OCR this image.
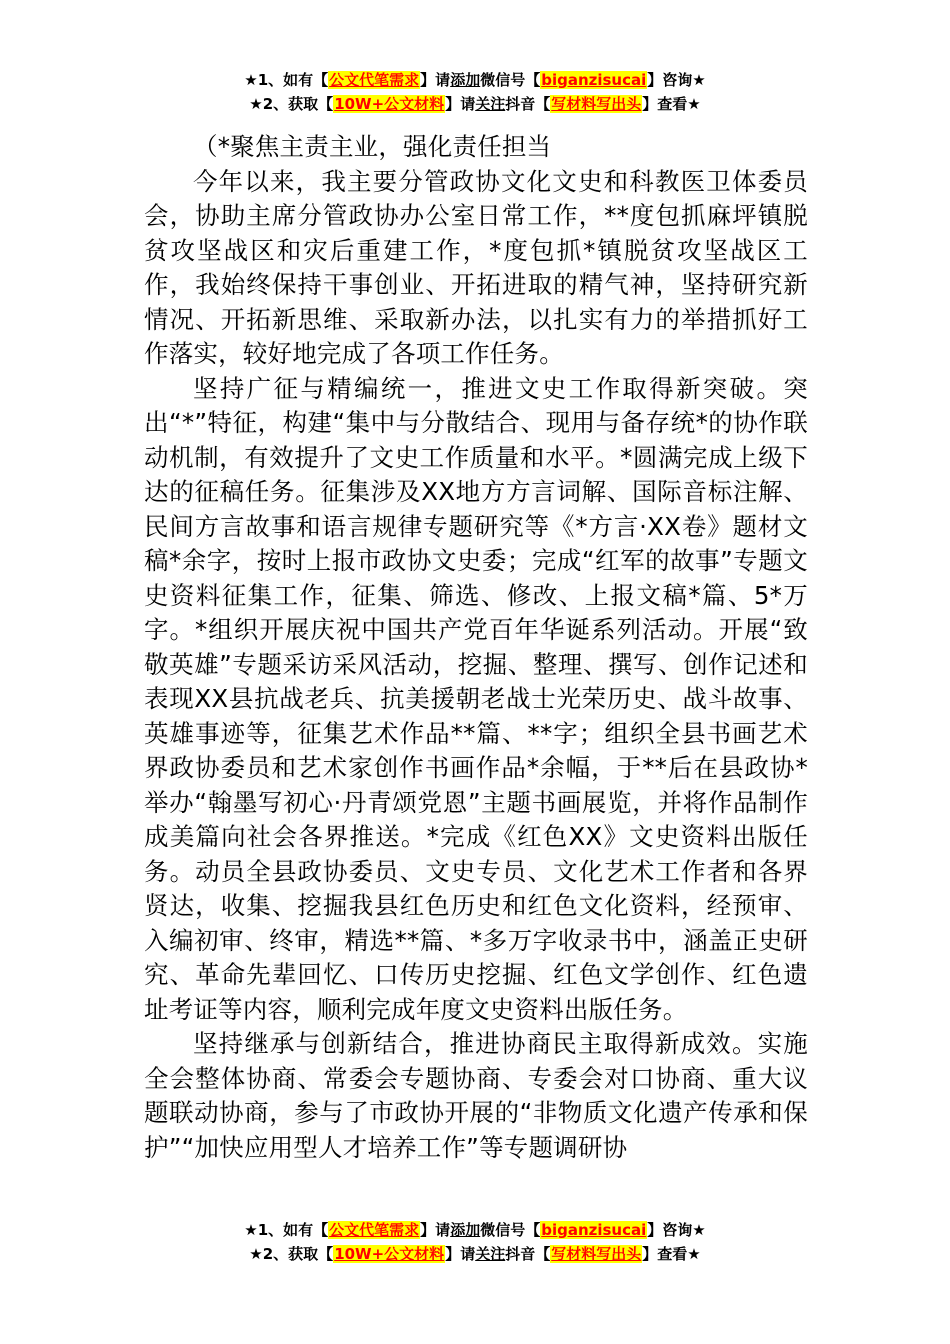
★1、如有【公文代笔需求】请添加微信号【biganzisucai】咨询★
★2、获取【10W+公文材料】请关注抖音【写材料写出头】查看★

（*聚焦主责主业，强化责任担当

今年以来，我主要分管政协文化文史和科教医卫体委员会，协助主席分管政协办公室日常工作，**度包抓麻坪镇脱贫攻坚战区和灾后重建工作，*度包抓*镇脱贫攻坚战区工作，我始终保持干事创业、开拓进取的精气神，坚持研究新情况、开拓新思维、采取新办法，以扎实有力的举措抓好工作落实，较好地完成了各项工作任务。

坚持广征与精编统一，推进文史工作取得新突破。突出“*”特征，构建“集中与分散结合、现用与备存统*的协作联动机制，有效提升了文史工作质量和水平。*圆满完成上级下达的征稿任务。征集涉及XX地方方言词解、国际音标注解、民间方言故事和语言规律专题研究等《*方言·XX卷》题材文稿*余字，按时上报市政协文史委；完成“红军的故事”专题文史资料征集工作，征集、筛选、修改、上报文稿*篇、5*万字。*组织开展庆祝中国共产党百年华诞系列活动。开展“致敬英雄”专题采访采风活动，挖掘、整理、撰写、创作记述和表现XX县抗战老兵、抗美援朝老战士光荣历史、战斗故事、英雄事迹等，征集艺术作品**篇、**字；组织全县书画艺术界政协委员和艺术家创作书画作品*余幅，于**后在县政协*举办“翰墨写初心·丹青颂党恩”主题书画展览，并将作品制作成美篇向社会各界推送。*完成《红色XX》文史资料出版任务。动员全县政协委员、文史专员、文化艺术工作者和各界贤达，收集、挖掘我县红色历史和红色文化资料，经预审、入编初审、终审，精选**篇、*多万字收录书中，涵盖正史研究、革命先辈回忆、口传历史挖掘、红色文学创作、红色遗址考证等内容，顺利完成年度文史资料出版任务。

坚持继承与创新结合，推进协商民主取得新成效。实施全会整体协商、常委会专题协商、专委会对口协商、重大议题联动协商，参与了市政协开展的“非物质文化遗产传承和保护”“加快应用型人才培养工作”等专题调研协

★1、如有【公文代笔需求】请添加微信号【biganzisucai】咨询★
★2、获取【10W+公文材料】请关注抖音【写材料写出头】查看★
